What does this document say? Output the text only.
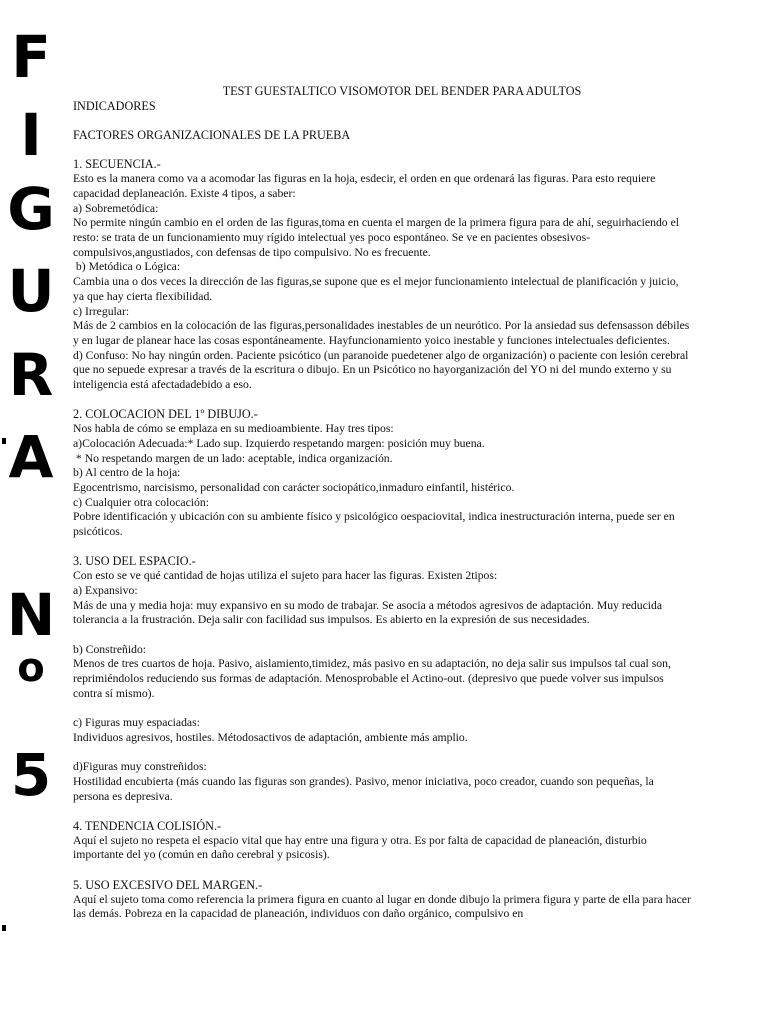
F
I
G
U
R
A
N
o
5

TEST GUESTALTICO VISOMOTOR DEL BENDER PARA ADULTOS

INDICADORES

FACTORES ORGANIZACIONALES DE LA PRUEBA

1. SECUENCIA.-

Esto es la manera como va a acomodar las figuras en la hoja, esdecir, el orden en que ordenará las figuras. Para esto requiere capacidad deplaneación. Existe 4 tipos, a saber:

a) Sobremetódica:

No permite ningún cambio en el orden de las figuras,toma en cuenta el margen de la primera figura para de ahí, seguirhaciendo el resto: se trata de un funcionamiento muy rígido intelectual yes poco espontáneo. Se ve en pacientes obsesivos-compulsivos,angustiados, con defensas de tipo compulsivo. No es frecuente.

b) Metódica o Lógica:

Cambia una o dos veces la dirección de las figuras,se supone que es el mejor funcionamiento intelectual de planificación y juicio, ya que hay cierta flexibilidad.

c) Irregular:

Más de 2 cambios en la colocación de las figuras,personalidades inestables de un neurótico. Por la ansiedad sus defensasson débiles y en lugar de planear hace las cosas espontáneamente. Hayfuncionamiento yoico inestable y funciones intelectuales deficientes.

d) Confuso: No hay ningún orden. Paciente psicótico (un paranoide puedetener algo de organización) o paciente con lesión cerebral que no sepuede expresar a través de la escritura o dibujo. En un Psicótico no hayorganización del YO ni del mundo externo y su inteligencia está afectadadebido a eso.

2. COLOCACION DEL 1º DIBUJO.-

Nos habla de cómo se emplaza en su medioambiente. Hay tres tipos:

a)Colocación Adecuada:* Lado sup. Izquierdo respetando margen: posición muy buena.

* No respetando margen de un lado: aceptable, indica organización.

b) Al centro de la hoja:

Egocentrismo, narcisismo, personalidad con carácter sociopático,inmaduro einfantil, histérico.

c) Cualquier otra colocación:

Pobre identificación y ubicación con su ambiente físico y psicológico oespaciovital, indica inestructuración interna, puede ser en psicóticos.

3. USO DEL ESPACIO.-

Con esto se ve qué cantidad de hojas utiliza el sujeto para hacer las figuras. Existen 2tipos:

a) Expansivo:

Más de una y media hoja: muy expansivo en su modo de trabajar. Se asocia a métodos agresivos de adaptación. Muy reducida tolerancia a la frustración. Deja salir con facilidad sus impulsos. Es abierto en la expresión de sus necesidades.

b) Constreñido:

Menos de tres cuartos de hoja. Pasivo, aislamiento,timidez, más pasivo en su adaptación, no deja salir sus impulsos tal cual son, reprimiéndolos reduciendo sus formas de adaptación. Menosprobable el Actino-out. (depresivo que puede volver sus impulsos contra sí mismo).

c) Figuras muy espaciadas:

Individuos agresivos, hostiles. Métodosactivos de adaptación, ambiente más amplio.

d)Figuras muy constreñidos:

Hostilidad encubierta (más cuando las figuras son grandes). Pasivo, menor iniciativa, poco creador, cuando son pequeñas, la persona es depresiva.

4. TENDENCIA COLISIÓN.-

Aquí el sujeto no respeta el espacio vital que hay entre una figura y otra. Es por falta de capacidad de planeación, disturbio importante del yo (común en daño cerebral y psicosis).

5. USO EXCESIVO DEL MARGEN.-

Aquí el sujeto toma como referencia la primera figura en cuanto al lugar en donde dibujo la primera figura y parte de ella para hacer las demás. Pobreza en la capacidad de planeación, individuos con daño orgánico, compulsivo en
